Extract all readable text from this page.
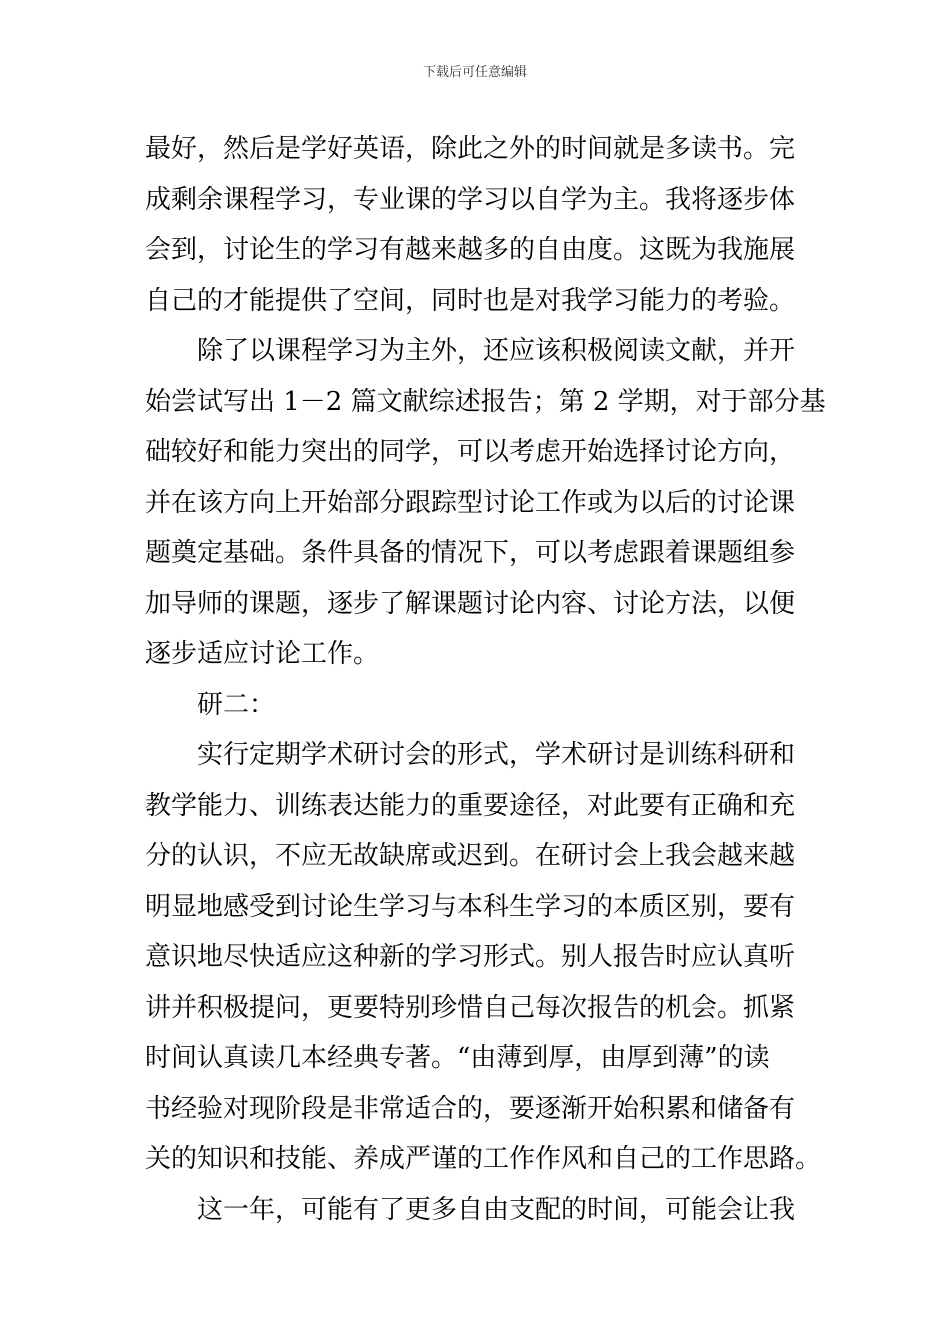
下载后可任意编辑
最好，然后是学好英语，除此之外的时间就是多读书。完
成剩余课程学习，专业课的学习以自学为主。我将逐步体
会到，讨论生的学习有越来越多的自由度。这既为我施展
自己的才能提供了空间，同时也是对我学习能力的考验。
除了以课程学习为主外，还应该积极阅读文献，并开
始尝试写出 1－2 篇文献综述报告；第 2 学期，对于部分基
础较好和能力突出的同学，可以考虑开始选择讨论方向，
并在该方向上开始部分跟踪型讨论工作或为以后的讨论课
题奠定基础。条件具备的情况下，可以考虑跟着课题组参
加导师的课题，逐步了解课题讨论内容、讨论方法，以便
逐步适应讨论工作。
研二：
实行定期学术研讨会的形式，学术研讨是训练科研和
教学能力、训练表达能力的重要途径，对此要有正确和充
分的认识，不应无故缺席或迟到。在研讨会上我会越来越
明显地感受到讨论生学习与本科生学习的本质区别，要有
意识地尽快适应这种新的学习形式。别人报告时应认真听
讲并积极提问，更要特别珍惜自己每次报告的机会。抓紧
时间认真读几本经典专著。“由薄到厚，由厚到薄”的读
书经验对现阶段是非常适合的，要逐渐开始积累和储备有
关的知识和技能、养成严谨的工作作风和自己的工作思路。
这一年，可能有了更多自由支配的时间，可能会让我
